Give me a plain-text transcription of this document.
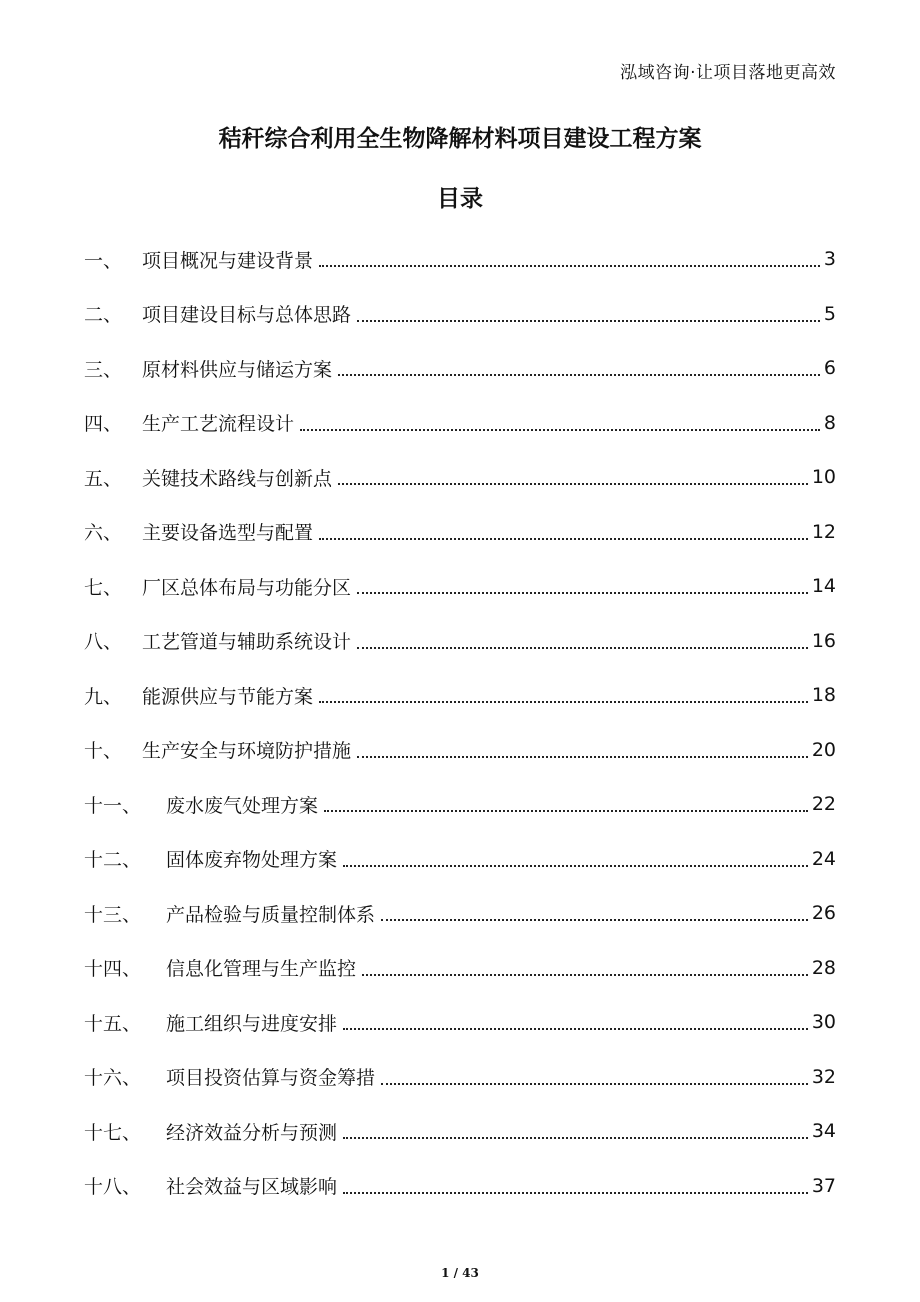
泓域咨询·让项目落地更高效
秸秆综合利用全生物降解材料项目建设工程方案
目录
一、	项目概况与建设背景	3
二、	项目建设目标与总体思路	5
三、	原材料供应与储运方案	6
四、	生产工艺流程设计	8
五、	关键技术路线与创新点	10
六、	主要设备选型与配置	12
七、	厂区总体布局与功能分区	14
八、	工艺管道与辅助系统设计	16
九、	能源供应与节能方案	18
十、	生产安全与环境防护措施	20
十一、	废水废气处理方案	22
十二、	固体废弃物处理方案	24
十三、	产品检验与质量控制体系	26
十四、	信息化管理与生产监控	28
十五、	施工组织与进度安排	30
十六、	项目投资估算与资金筹措	32
十七、	经济效益分析与预测	34
十八、	社会效益与区域影响	37
1 / 43
